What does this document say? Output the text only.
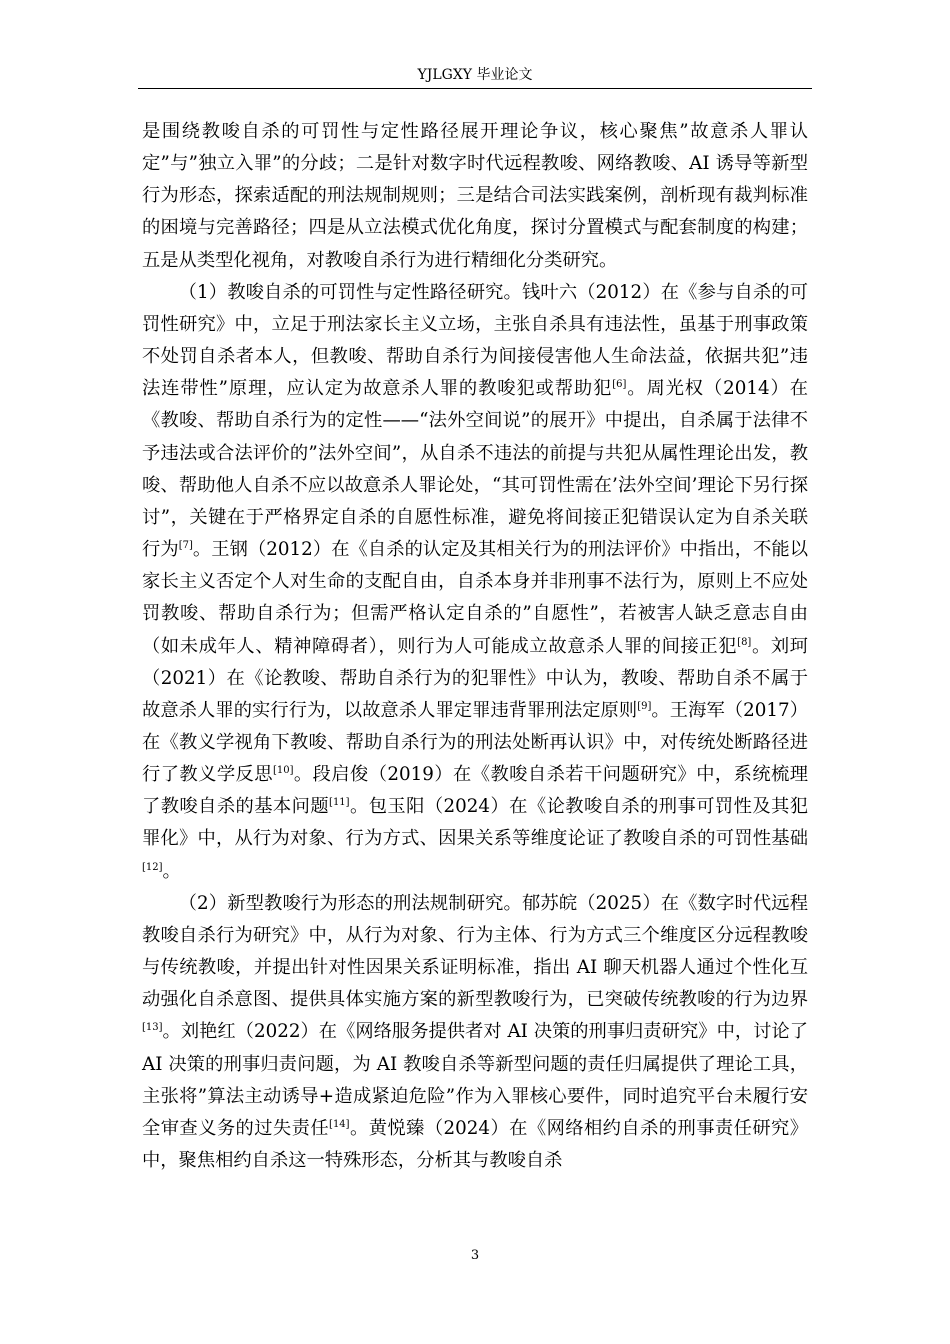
YJLGXY 毕业论文

是围绕教唆自杀的可罚性与定性路径展开理论争议，核心聚焦”故意杀人罪认定”与”独立入罪”的分歧；二是针对数字时代远程教唆、网络教唆、AI 诱导等新型行为形态，探索适配的刑法规制规则；三是结合司法实践案例，剖析现有裁判标准的困境与完善路径；四是从立法模式优化角度，探讨分置模式与配套制度的构建；五是从类型化视角，对教唆自杀行为进行精细化分类研究。

（1）教唆自杀的可罚性与定性路径研究。钱叶六（2012）在《参与自杀的可罚性研究》中，立足于刑法家长主义立场，主张自杀具有违法性，虽基于刑事政策不处罚自杀者本人，但教唆、帮助自杀行为间接侵害他人生命法益，依据共犯”违法连带性”原理，应认定为故意杀人罪的教唆犯或帮助犯[6]。周光权（2014）在《教唆、帮助自杀行为的定性——“法外空间说”的展开》中提出，自杀属于法律不予违法或合法评价的”法外空间”，从自杀不违法的前提与共犯从属性理论出发，教唆、帮助他人自杀不应以故意杀人罪论处，“其可罚性需在’法外空间’理论下另行探讨”，关键在于严格界定自杀的自愿性标准，避免将间接正犯错误认定为自杀关联行为[7]。王钢（2012）在《自杀的认定及其相关行为的刑法评价》中指出，不能以家长主义否定个人对生命的支配自由，自杀本身并非刑事不法行为，原则上不应处罚教唆、帮助自杀行为；但需严格认定自杀的”自愿性”，若被害人缺乏意志自由（如未成年人、精神障碍者），则行为人可能成立故意杀人罪的间接正犯[8]。刘珂（2021）在《论教唆、帮助自杀行为的犯罪性》中认为，教唆、帮助自杀不属于故意杀人罪的实行行为，以故意杀人罪定罪违背罪刑法定原则[9]。王海军（2017）在《教义学视角下教唆、帮助自杀行为的刑法处断再认识》中，对传统处断路径进行了教义学反思[10]。段启俊（2019）在《教唆自杀若干问题研究》中，系统梳理了教唆自杀的基本问题[11]。包玉阳（2024）在《论教唆自杀的刑事可罚性及其犯罪化》中，从行为对象、行为方式、因果关系等维度论证了教唆自杀的可罚性基础[12]。

（2）新型教唆行为形态的刑法规制研究。郁苏皖（2025）在《数字时代远程教唆自杀行为研究》中，从行为对象、行为主体、行为方式三个维度区分远程教唆与传统教唆，并提出针对性因果关系证明标准，指出 AI 聊天机器人通过个性化互动强化自杀意图、提供具体实施方案的新型教唆行为，已突破传统教唆的行为边界[13]。刘艳红（2022）在《网络服务提供者对 AI 决策的刑事归责研究》中，讨论了 AI 决策的刑事归责问题，为 AI 教唆自杀等新型问题的责任归属提供了理论工具，主张将”算法主动诱导+造成紧迫危险”作为入罪核心要件，同时追究平台未履行安全审查义务的过失责任[14]。黄悦臻（2024）在《网络相约自杀的刑事责任研究》中，聚焦相约自杀这一特殊形态，分析其与教唆自杀

3
